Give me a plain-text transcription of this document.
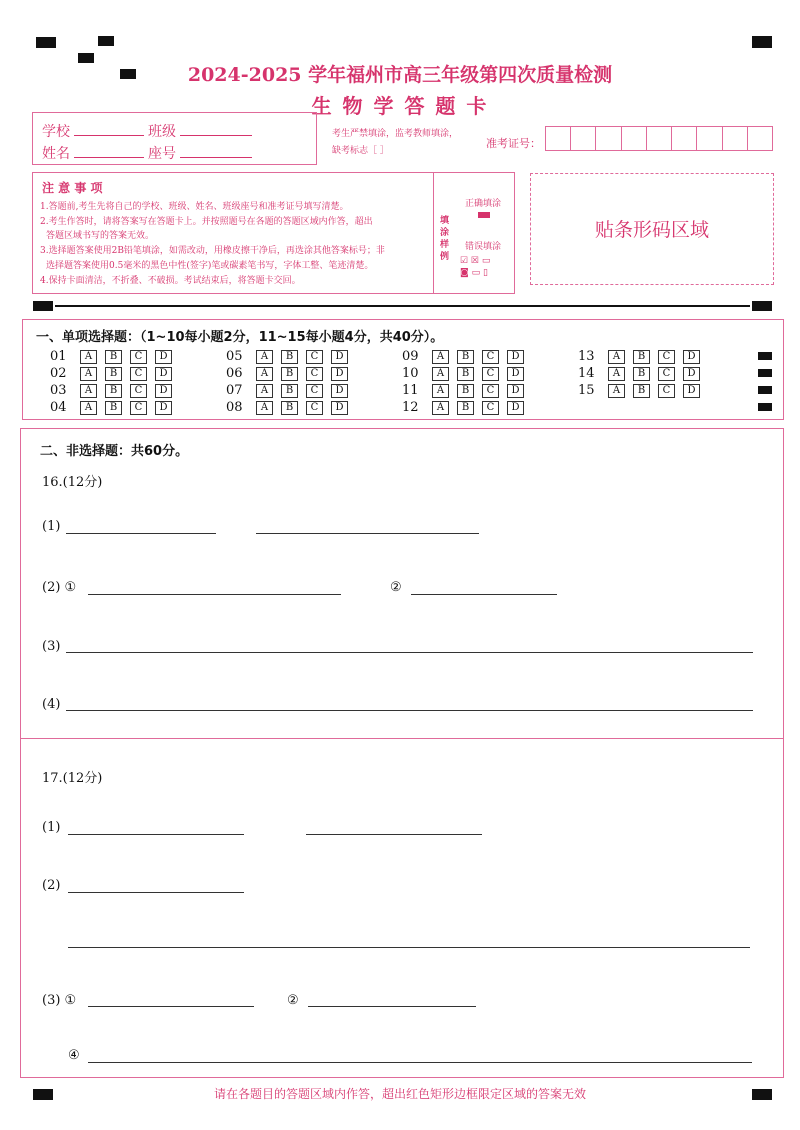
2024-2025 学年福州市高三年级第四次质量检测
生 物 学 答 题 卡
学校	班级
姓名	座号
考生严禁填涂，监考教师填涂，
缺考标志［ ］
准考证号：
注 意 事 项
1.答题前,考生先将自己的学校、班级、姓名、班级座号和准考证号填写清楚。
2.考生作答时，请将答案写在答题卡上。并按照题号在各题的答题区域内作答，超出
答题区域书写的答案无效。
3.选择题答案使用2B铅笔填涂，如需改动，用橡皮擦干净后，再选涂其他答案标号；非
选择题答案使用0.5毫米的黑色中性(签字)笔或碳素笔书写，字体工整、笔迹清楚。
4.保持卡面清洁，不折叠、不破损。考试结束后，将答题卡交回。
填涂样例
正确填涂
错误填涂
☑ ☒ ▭
◙ ▭ ▯
贴条形码区域
一、单项选择题：（1~10每小题2分，11~15每小题4分，共40分）。
01	A	B	C	D
02	A	B	C	D
03	A	B	C	D
04	A	B	C	D
05	A	B	C	D
06	A	B	C	D
07	A	B	C	D
08	A	B	C	D
09	A	B	C	D
10	A	B	C	D
11	A	B	C	D
12	A	B	C	D
13	A	B	C	D
14	A	B	C	D
15	A	B	C	D
二、非选择题：共60分。
16.(12分)
(1)
(2) ①	②
(3)
(4)
17.(12分)
(1)
(2)
(3) ①	②
④
请在各题目的答题区域内作答，超出红色矩形边框限定区域的答案无效
